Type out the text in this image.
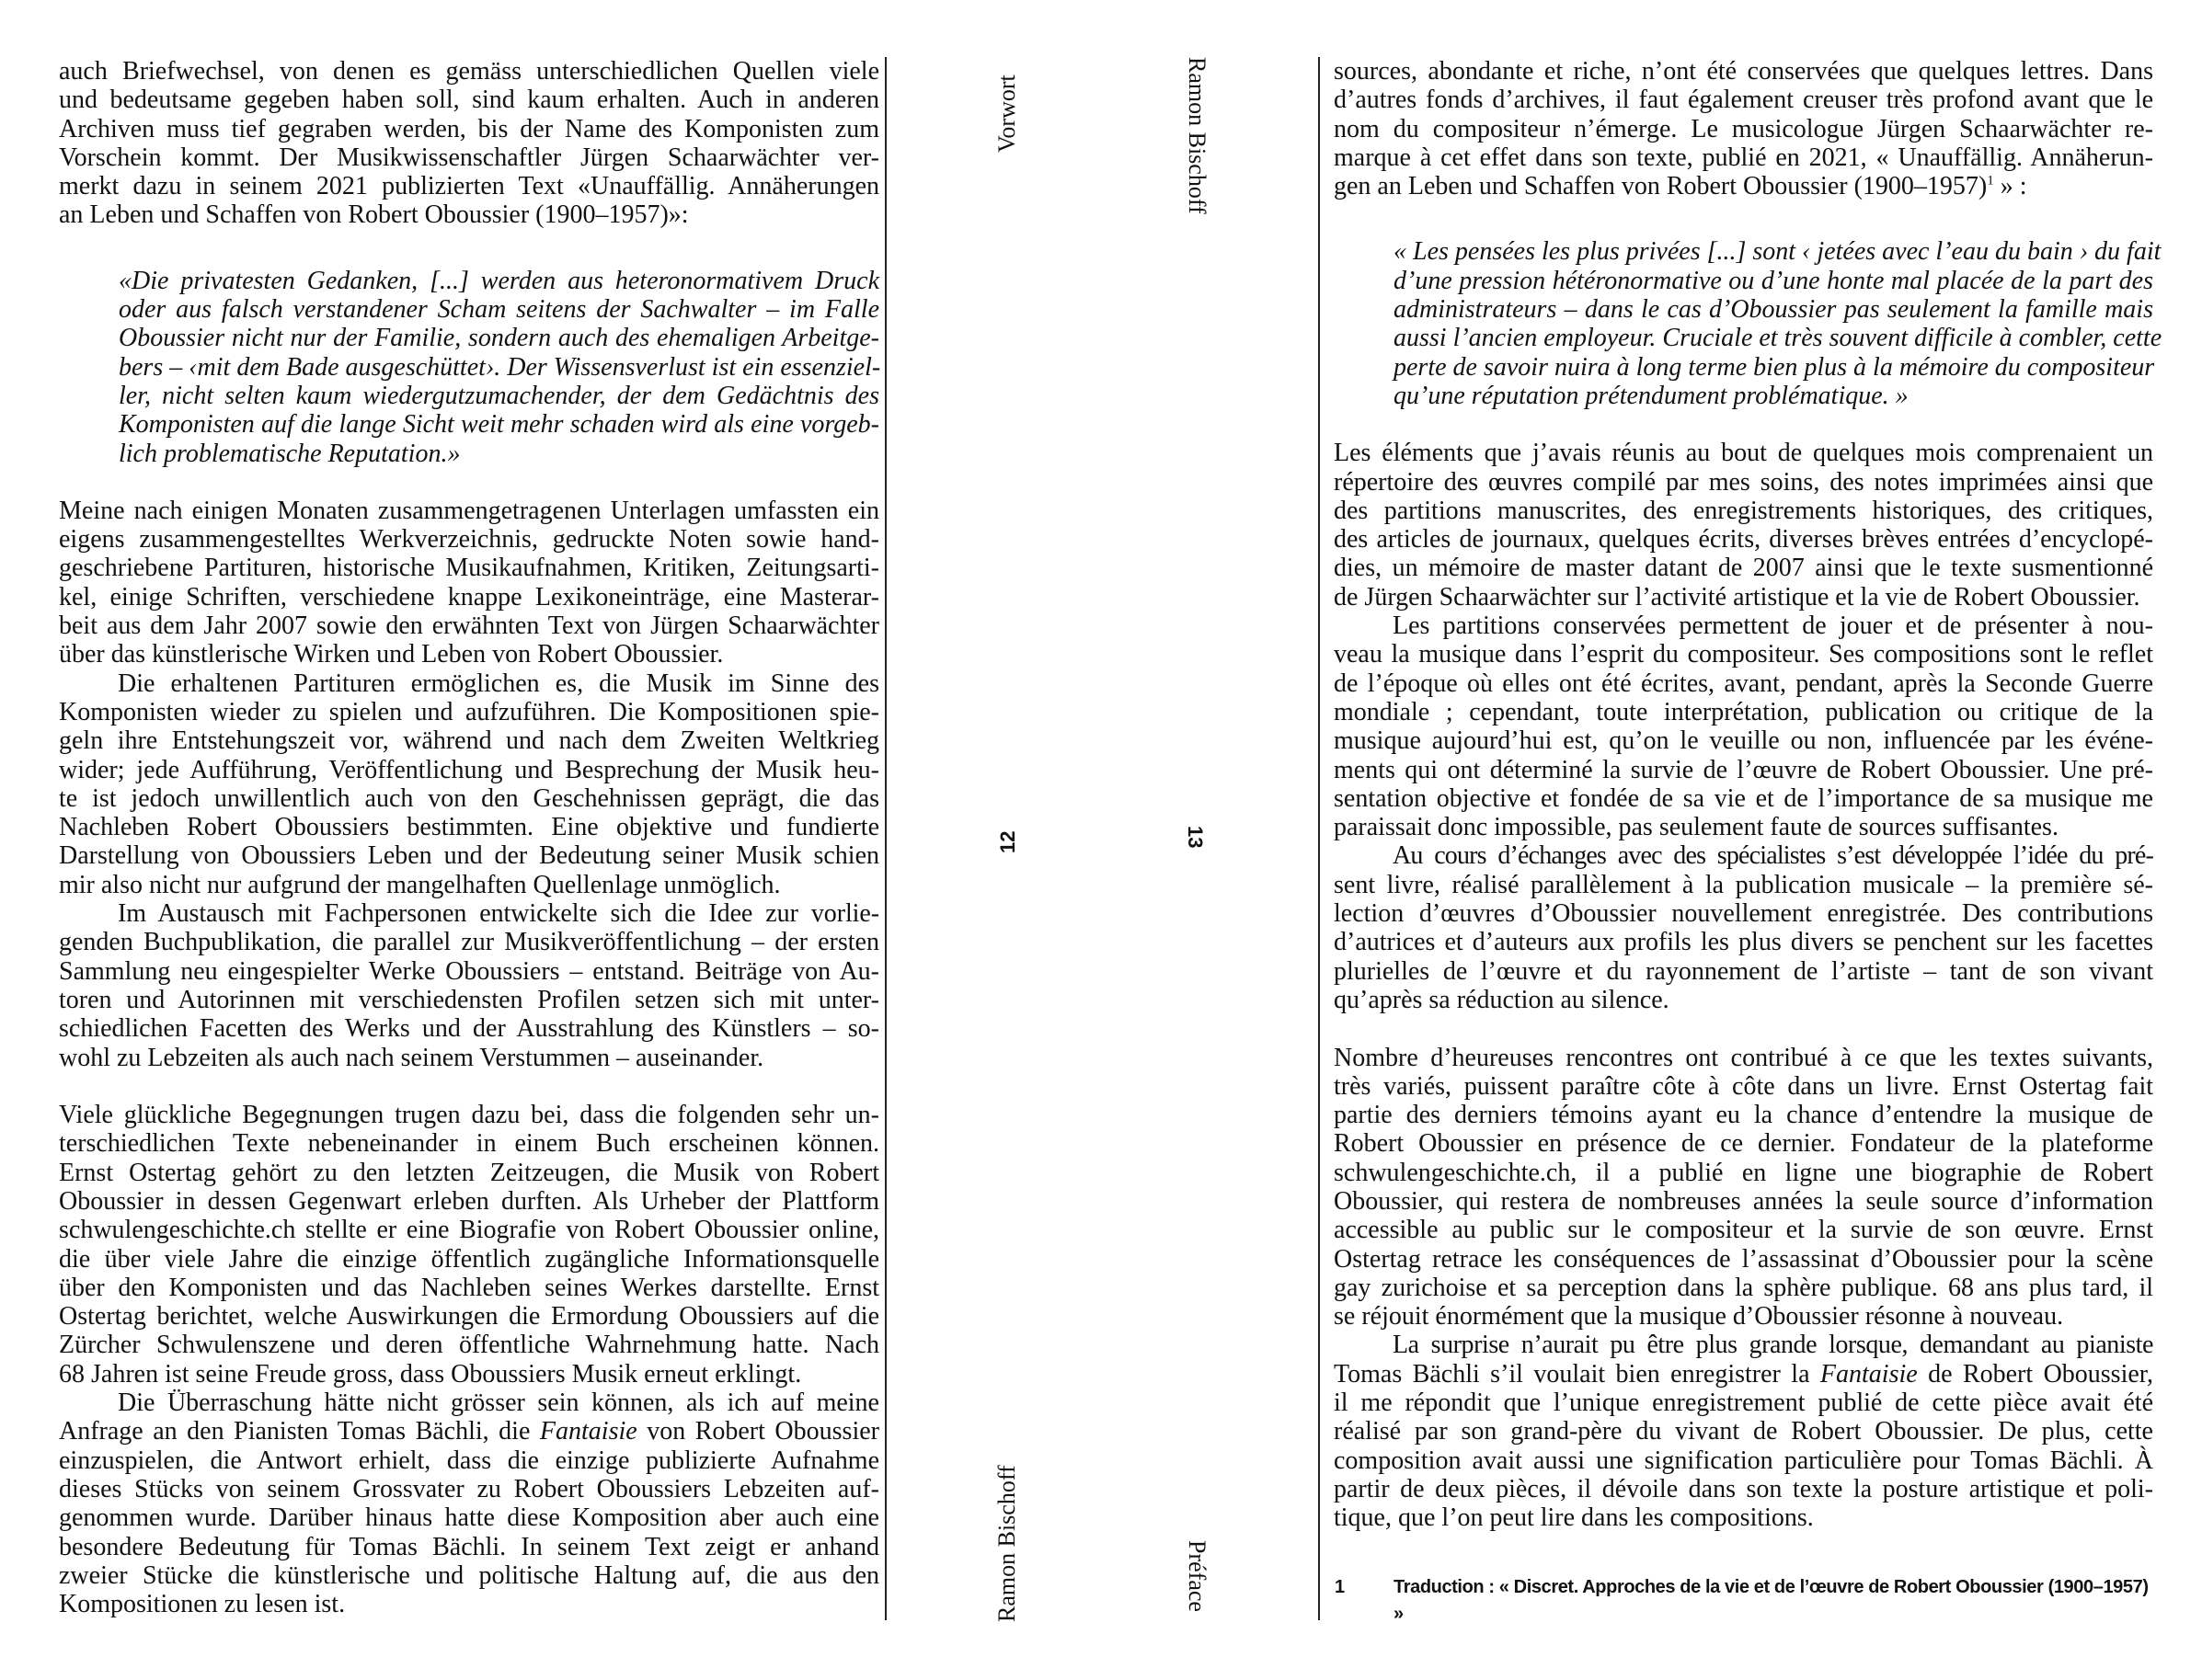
auch Briefwechsel, von denen es gemäss unterschiedlichen Quellen viele
und bedeutsame gegeben haben soll, sind kaum erhalten. Auch in anderen
Archiven muss tief gegraben werden, bis der Name des Komponisten zum
Vorschein kommt. Der Musikwissenschaftler Jürgen Schaarwächter ver-
merkt dazu in seinem 2021 publizierten Text «Unauffällig. Annäherungen
an Leben und Schaffen von Robert Oboussier (1900–1957)»:
«Die privatesten Gedanken, [...] werden aus heteronormativem Druck
oder aus falsch verstandener Scham seitens der Sachwalter – im Falle
Oboussier nicht nur der Familie, sondern auch des ehemaligen Arbeitge-
bers – ‹mit dem Bade ausgeschüttet›. Der Wissensverlust ist ein essenziel-
ler, nicht selten kaum wiedergutzumachender, der dem Gedächtnis des
Komponisten auf die lange Sicht weit mehr schaden wird als eine vorgeb-
lich problematische Reputation.»
Meine nach einigen Monaten zusammengetragenen Unterlagen umfassten ein
eigens zusammengestelltes Werkverzeichnis, gedruckte Noten sowie hand-
geschriebene Partituren, historische Musikaufnahmen, Kritiken, Zeitungsarti-
kel, einige Schriften, verschiedene knappe Lexikoneinträge, eine Masterar-
beit aus dem Jahr 2007 sowie den erwähnten Text von Jürgen Schaarwächter
über das künstlerische Wirken und Leben von Robert Oboussier.
Die erhaltenen Partituren ermöglichen es, die Musik im Sinne des
Komponisten wieder zu spielen und aufzuführen. Die Kompositionen spie-
geln ihre Entstehungszeit vor, während und nach dem Zweiten Weltkrieg
wider; jede Aufführung, Veröffentlichung und Besprechung der Musik heu-
te ist jedoch unwillentlich auch von den Geschehnissen geprägt, die das
Nachleben Robert Oboussiers bestimmten. Eine objektive und fundierte
Darstellung von Oboussiers Leben und der Bedeutung seiner Musik schien
mir also nicht nur aufgrund der mangelhaften Quellenlage unmöglich.
Im Austausch mit Fachpersonen entwickelte sich die Idee zur vorlie-
genden Buchpublikation, die parallel zur Musikveröffentlichung – der ersten
Sammlung neu eingespielter Werke Oboussiers – entstand. Beiträge von Au-
toren und Autorinnen mit verschiedensten Profilen setzen sich mit unter-
schiedlichen Facetten des Werks und der Ausstrahlung des Künstlers – so-
wohl zu Lebzeiten als auch nach seinem Verstummen – auseinander.
Viele glückliche Begegnungen trugen dazu bei, dass die folgenden sehr un-
terschiedlichen Texte nebeneinander in einem Buch erscheinen können.
Ernst Ostertag gehört zu den letzten Zeitzeugen, die Musik von Robert
Oboussier in dessen Gegenwart erleben durften. Als Urheber der Plattform
schwulengeschichte.ch stellte er eine Biografie von Robert Oboussier online,
die über viele Jahre die einzige öffentlich zugängliche Informationsquelle
über den Komponisten und das Nachleben seines Werkes darstellte. Ernst
Ostertag berichtet, welche Auswirkungen die Ermordung Oboussiers auf die
Zürcher Schwulenszene und deren öffentliche Wahrnehmung hatte. Nach
68 Jahren ist seine Freude gross, dass Oboussiers Musik erneut erklingt.
Die Überraschung hätte nicht grösser sein können, als ich auf meine
Anfrage an den Pianisten Tomas Bächli, die Fantaisie von Robert Oboussier
einzuspielen, die Antwort erhielt, dass die einzige publizierte Aufnahme
dieses Stücks von seinem Grossvater zu Robert Oboussiers Lebzeiten auf-
genommen wurde. Darüber hinaus hatte diese Komposition aber auch eine
besondere Bedeutung für Tomas Bächli. In seinem Text zeigt er anhand
zweier Stücke die künstlerische und politische Haltung auf, die aus den
Kompositionen zu lesen ist.
Vorwort
12
Ramon Bischoff
Ramon Bischoff
13
Préface
sources, abondante et riche, n’ont été conservées que quelques lettres. Dans
d’autres fonds d’archives, il faut également creuser très profond avant que le
nom du compositeur n’émerge. Le musicologue Jürgen Schaarwächter re-
marque à cet effet dans son texte, publié en 2021, « Unauffällig. Annäherun-
gen an Leben und Schaffen von Robert Oboussier (1900–1957)$^1$ » :
« Les pensées les plus privées [...] sont ‹ jetées avec l’eau du bain › du fait
d’une pression hétéronormative ou d’une honte mal placée de la part des
administrateurs – dans le cas d’Oboussier pas seulement la famille mais
aussi l’ancien employeur. Cruciale et très souvent difficile à combler, cette
perte de savoir nuira à long terme bien plus à la mémoire du compositeur
qu’une réputation prétendument problématique. »
Les éléments que j’avais réunis au bout de quelques mois comprenaient un
répertoire des œuvres compilé par mes soins, des notes imprimées ainsi que
des partitions manuscrites, des enregistrements historiques, des critiques,
des articles de journaux, quelques écrits, diverses brèves entrées d’encyclopé-
dies, un mémoire de master datant de 2007 ainsi que le texte susmentionné
de Jürgen Schaarwächter sur l’activité artistique et la vie de Robert Oboussier.
Les partitions conservées permettent de jouer et de présenter à nou-
veau la musique dans l’esprit du compositeur. Ses compositions sont le reflet
de l’époque où elles ont été écrites, avant, pendant, après la Seconde Guerre
mondiale ; cependant, toute interprétation, publication ou critique de la
musique aujourd’hui est, qu’on le veuille ou non, influencée par les événe-
ments qui ont déterminé la survie de l’œuvre de Robert Oboussier. Une pré-
sentation objective et fondée de sa vie et de l’importance de sa musique me
paraissait donc impossible, pas seulement faute de sources suffisantes.
Au cours d’échanges avec des spécialistes s’est développée l’idée du pré-
sent livre, réalisé parallèlement à la publication musicale – la première sé-
lection d’œuvres d’Oboussier nouvellement enregistrée. Des contributions
d’autrices et d’auteurs aux profils les plus divers se penchent sur les facettes
plurielles de l’œuvre et du rayonnement de l’artiste – tant de son vivant
qu’après sa réduction au silence.
Nombre d’heureuses rencontres ont contribué à ce que les textes suivants,
très variés, puissent paraître côte à côte dans un livre. Ernst Ostertag fait
partie des derniers témoins ayant eu la chance d’entendre la musique de
Robert Oboussier en présence de ce dernier. Fondateur de la plateforme
schwulengeschichte.ch, il a publié en ligne une biographie de Robert
Oboussier, qui restera de nombreuses années la seule source d’information
accessible au public sur le compositeur et la survie de son œuvre. Ernst
Ostertag retrace les conséquences de l’assassinat d’Oboussier pour la scène
gay zurichoise et sa perception dans la sphère publique. 68 ans plus tard, il
se réjouit énormément que la musique d’Oboussier résonne à nouveau.
La surprise n’aurait pu être plus grande lorsque, demandant au pianiste
Tomas Bächli s’il voulait bien enregistrer la Fantaisie de Robert Oboussier,
il me répondit que l’unique enregistrement publié de cette pièce avait été
réalisé par son grand-père du vivant de Robert Oboussier. De plus, cette
composition avait aussi une signification particulière pour Tomas Bächli. À
partir de deux pièces, il dévoile dans son texte la posture artistique et poli-
tique, que l’on peut lire dans les compositions.
1	Traduction : « Discret. Approches de la vie et de l’œuvre de Robert Oboussier (1900–1957) »
